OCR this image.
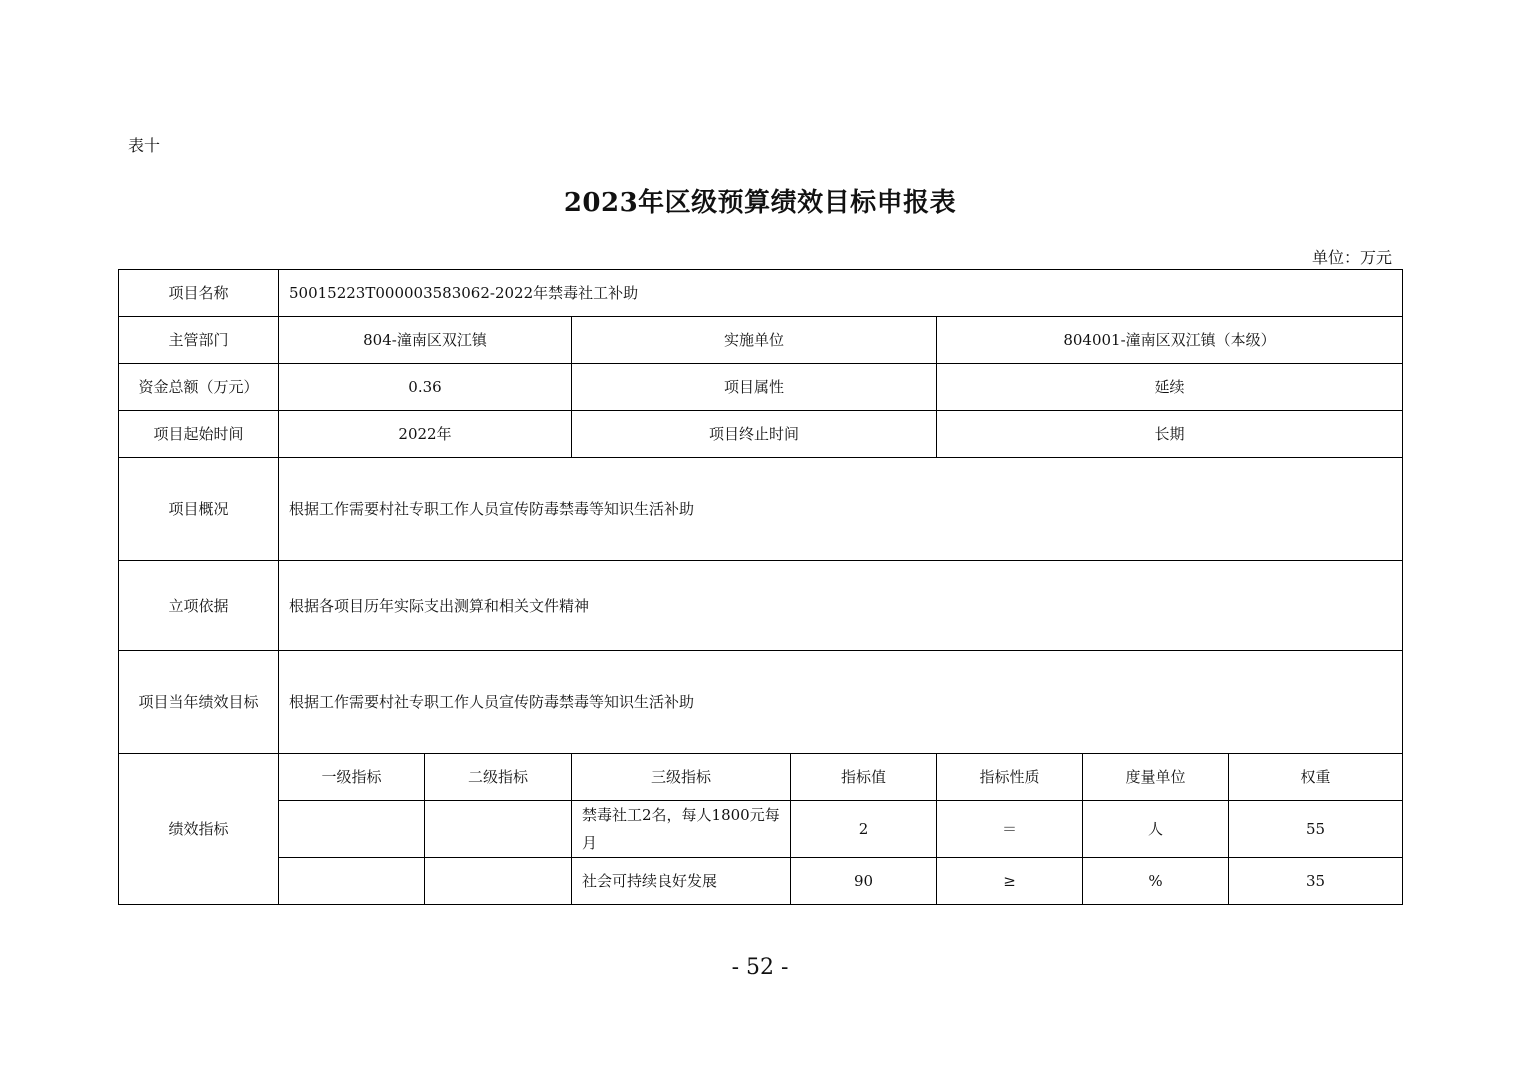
表十
2023年区级预算绩效目标申报表
单位：万元
项目名称	50015223T000003583062-2022年禁毒社工补助						
主管部门	804-潼南区双江镇		实施单位		804001-潼南区双江镇（本级）		
资金总额（万元）	0.36		项目属性		延续		
项目起始时间	2022年		项目终止时间		长期		
项目概况	根据工作需要村社专职工作人员宣传防毒禁毒等知识生活补助						
立项依据	根据各项目历年实际支出测算和相关文件精神						
项目当年绩效目标	根据工作需要村社专职工作人员宣传防毒禁毒等知识生活补助						
绩效指标	一级指标	二级指标	三级指标	指标值	指标性质	度量单位	权重
			禁毒社工2名，每人1800元每月	2	＝	人	55
			社会可持续良好发展	90	≥	%	35
- 52 -
